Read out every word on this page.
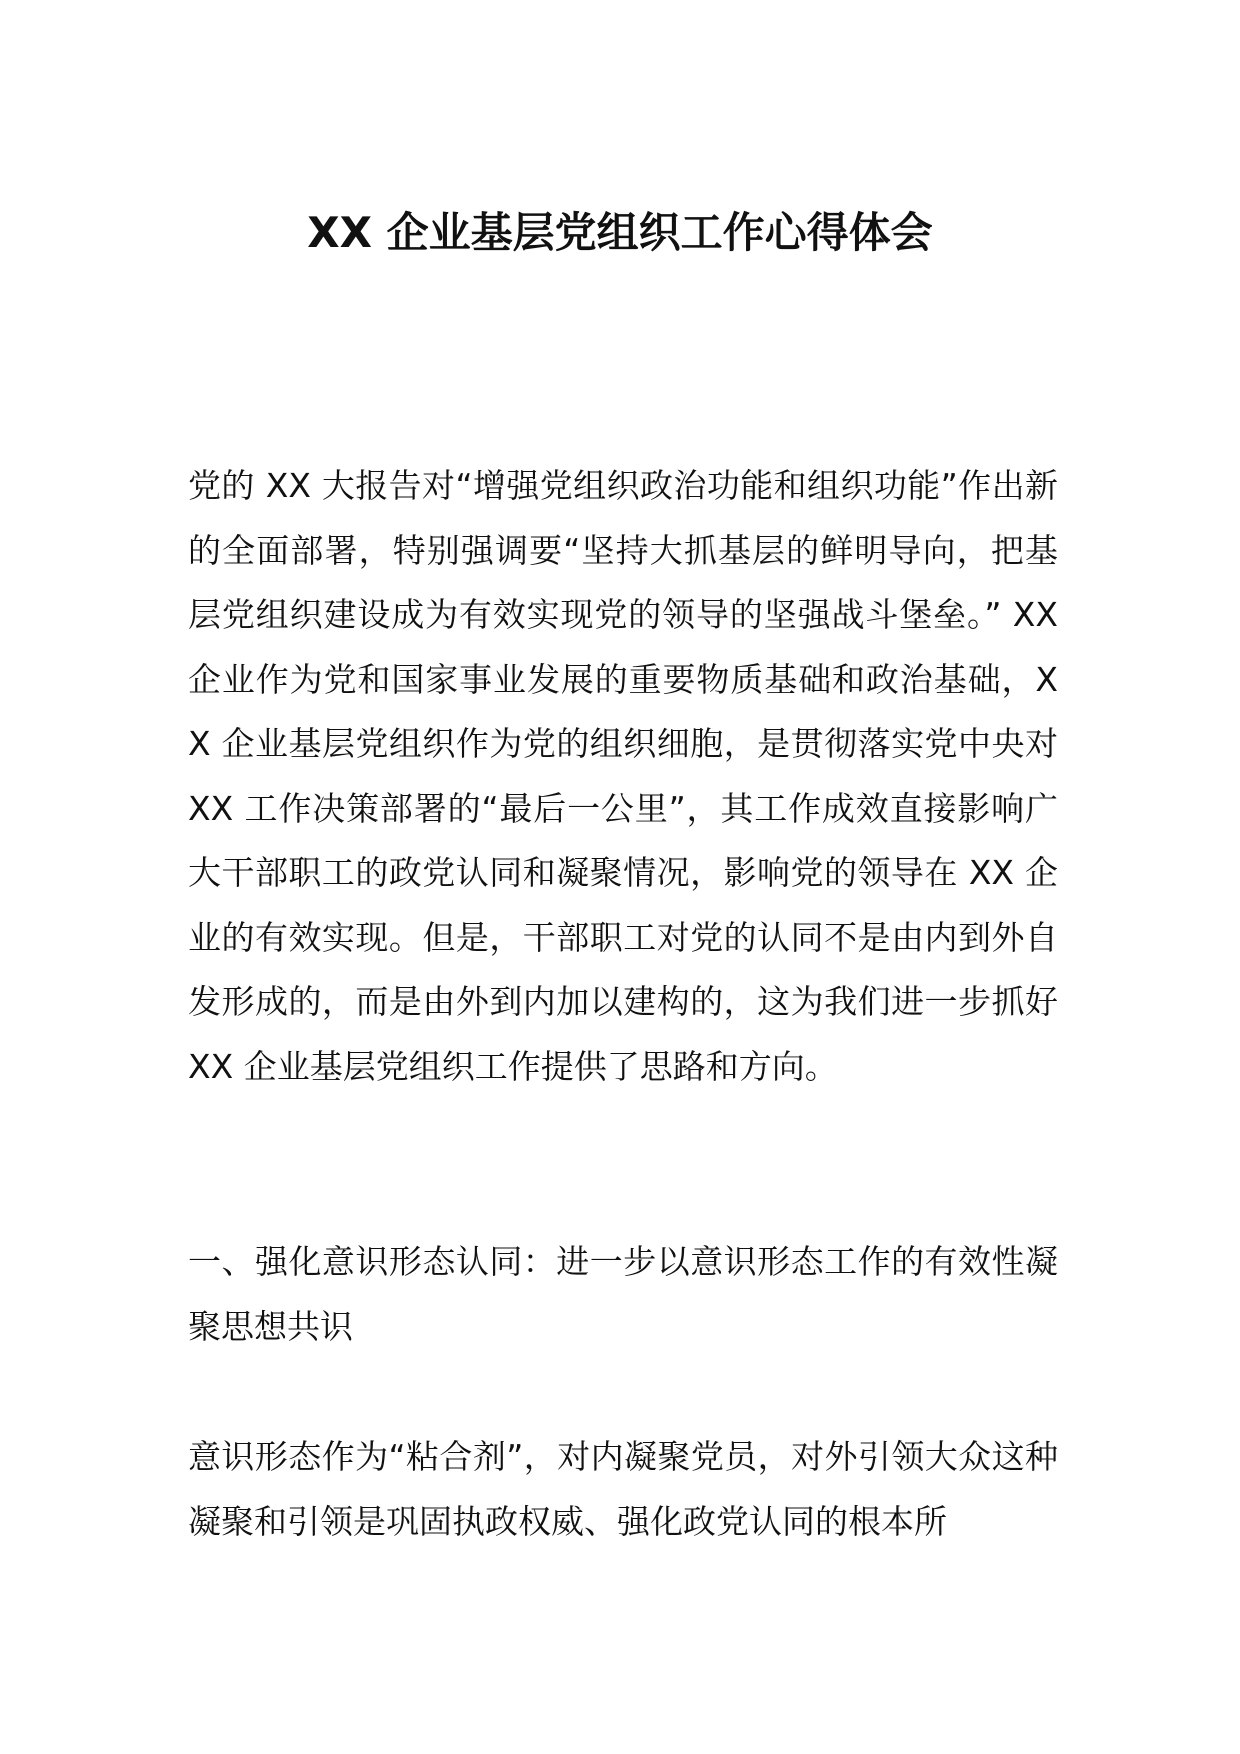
XX 企业基层党组织工作心得体会

党的 XX 大报告对“增强党组织政治功能和组织功能”作出新的全面部署，特别强调要“坚持大抓基层的鲜明导向，把基层党组织建设成为有效实现党的领导的坚强战斗堡垒。” XX 企业作为党和国家事业发展的重要物质基础和政治基础，XX 企业基层党组织作为党的组织细胞，是贯彻落实党中央对 XX 工作决策部署的“最后一公里”，其工作成效直接影响广大干部职工的政党认同和凝聚情况，影响党的领导在 XX 企业的有效实现。但是，干部职工对党的认同不是由内到外自发形成的，而是由外到内加以建构的，这为我们进一步抓好 XX 企业基层党组织工作提供了思路和方向。

一、强化意识形态认同：进一步以意识形态工作的有效性凝聚思想共识

意识形态作为“粘合剂”，对内凝聚党员，对外引领大众这种凝聚和引领是巩固执政权威、强化政党认同的根本所
